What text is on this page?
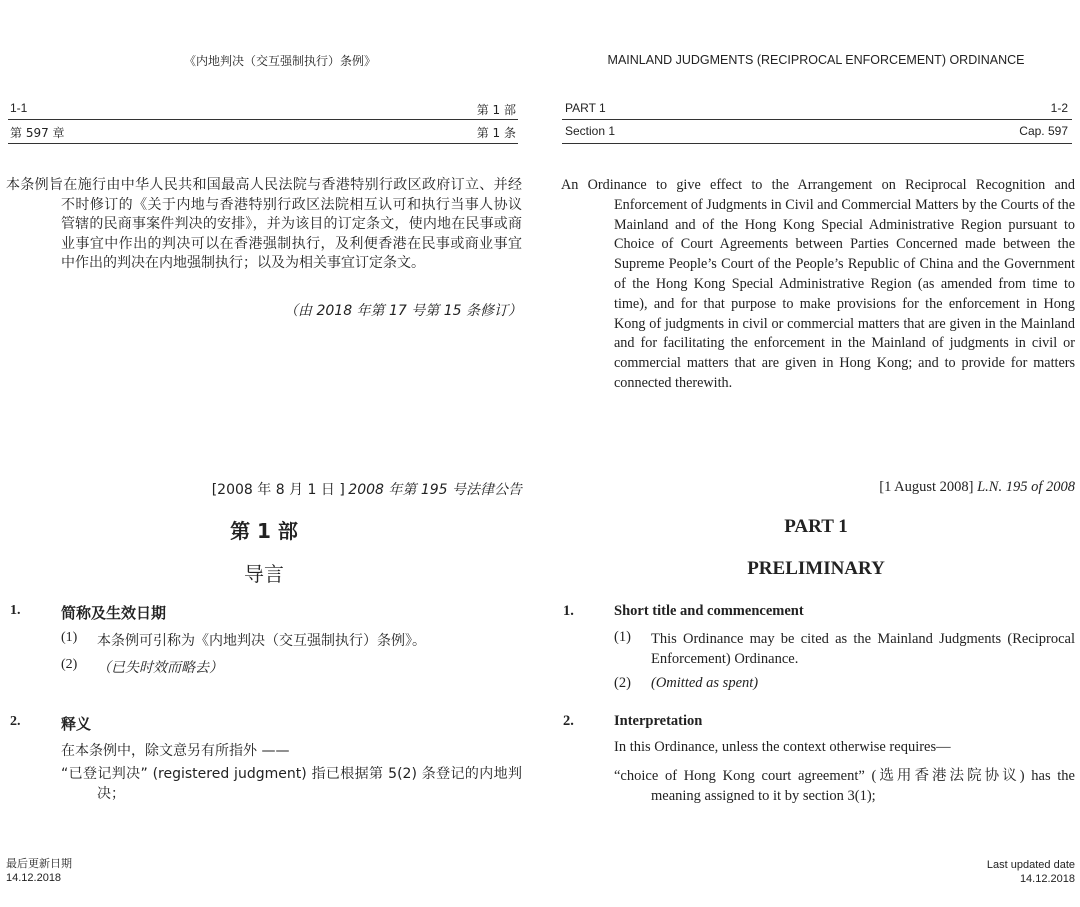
《内地判决（交互强制执行）条例》
1-1	第 1 部
第 597 章	第 1 条
本条例旨在施行由中华人民共和国最高人民法院与香港特别行政区政府订立、并经不时修订的《关于内地与香港特别行政区法院相互认可和执行当事人协议管辖的民商事案件判决的安排》，并为该目的订定条文，使内地在民事或商业事宜中作出的判决可以在香港强制执行，及利便香港在民事或商业事宜中作出的判决在内地强制执行；以及为相关事宜订定条文。
（由 2018 年第 17 号第 15 条修订）
[2008 年 8 月 1 日 ] 2008 年第 195 号法律公告
第 1 部
导言
1.	简称及生效日期
(1) 本条例可引称为《内地判决（交互强制执行）条例》。
(2) （已失时效而略去）
2.	释义
在本条例中，除文意另有所指外 ——
“已登记判决” (registered judgment) 指已根据第 5(2) 条登记的内地判决；
最后更新日期
14.12.2018
MAINLAND JUDGMENTS (RECIPROCAL ENFORCEMENT) ORDINANCE
PART 1	1-2
Section 1	Cap. 597
An Ordinance to give effect to the Arrangement on Reciprocal Recognition and Enforcement of Judgments in Civil and Commercial Matters by the Courts of the Mainland and of the Hong Kong Special Administrative Region pursuant to Choice of Court Agreements between Parties Concerned made between the Supreme People’s Court of the People’s Republic of China and the Government of the Hong Kong Special Administrative Region (as amended from time to time), and for that purpose to make provisions for the enforcement in Hong Kong of judgments in civil or commercial matters that are given in the Mainland and for facilitating the enforcement in the Mainland of judgments in civil or commercial matters that are given in Hong Kong; and to provide for matters connected therewith.
[1 August 2008] L.N. 195 of 2008
PART 1
PRELIMINARY
1.	Short title and commencement
(1) This Ordinance may be cited as the Mainland Judgments (Reciprocal Enforcement) Ordinance.
(2) (Omitted as spent)
2.	Interpretation
In this Ordinance, unless the context otherwise requires—
“choice of Hong Kong court agreement” (选用香港法院协议) has the meaning assigned to it by section 3(1);
Last updated date
14.12.2018
